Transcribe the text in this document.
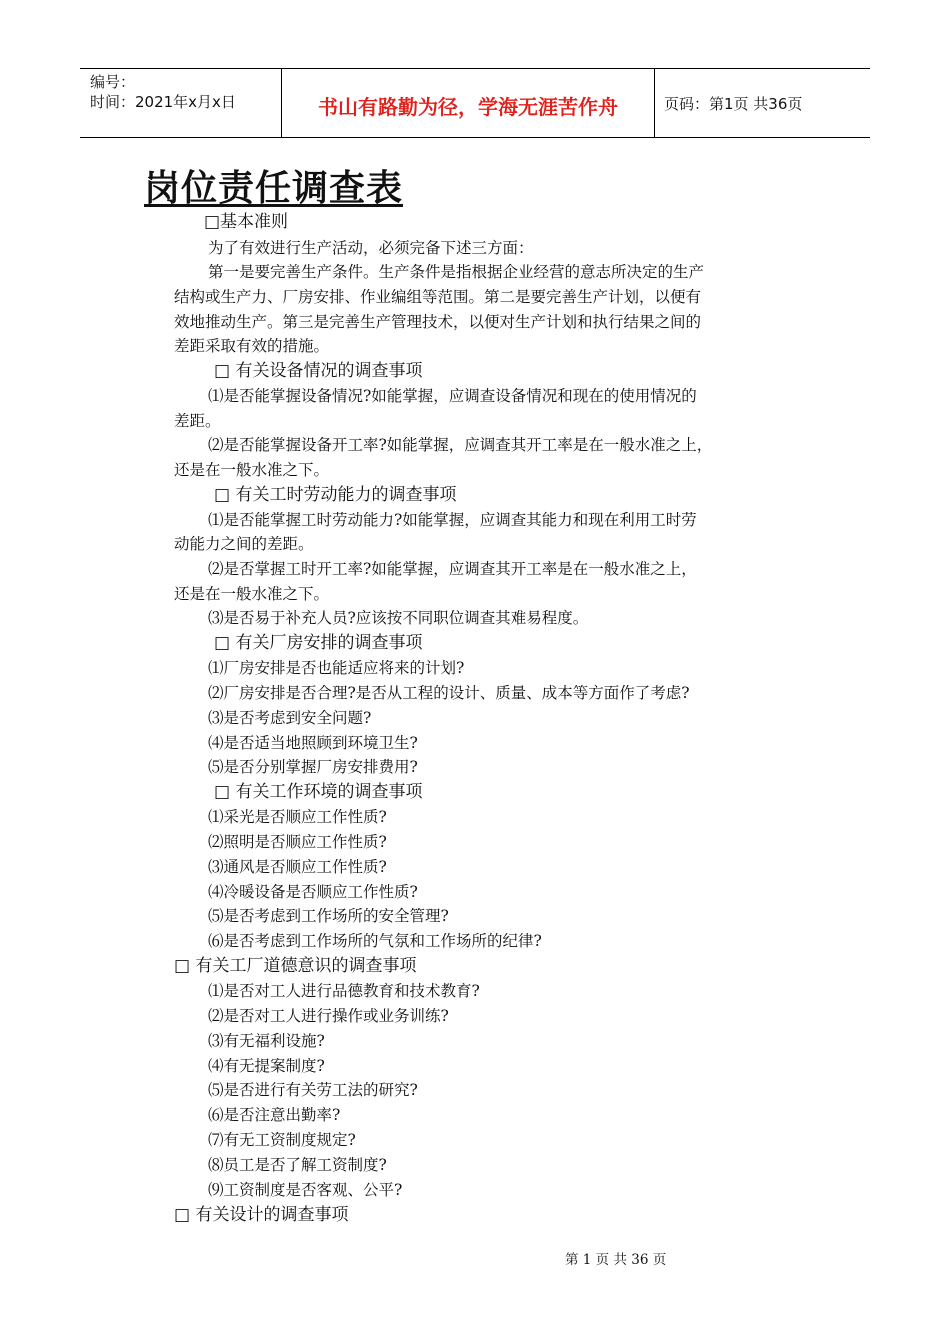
编号：
时间：2021年x月x日	书山有路勤为径，学海无涯苦作舟	页码：第1页 共36页
岗位责任调查表
□基本准则
为了有效进行生产活动，必须完备下述三方面：
第一是要完善生产条件。生产条件是指根据企业经营的意志所决定的生产
结构或生产力、厂房安排、作业编组等范围。第二是要完善生产计划，以便有
效地推动生产。第三是完善生产管理技术，以便对生产计划和执行结果之间的
差距采取有效的措施。
□ 有关设备情况的调查事项
⑴是否能掌握设备情况?如能掌握，应调查设备情况和现在的使用情况的
差距。
⑵是否能掌握设备开工率?如能掌握，应调查其开工率是在一般水准之上，
还是在一般水准之下。
□ 有关工时劳动能力的调查事项
⑴是否能掌握工时劳动能力?如能掌握，应调查其能力和现在利用工时劳
动能力之间的差距。
⑵是否掌握工时开工率?如能掌握，应调查其开工率是在一般水准之上，
还是在一般水准之下。
⑶是否易于补充人员?应该按不同职位调查其难易程度。
□ 有关厂房安排的调查事项
⑴厂房安排是否也能适应将来的计划?
⑵厂房安排是否合理?是否从工程的设计、质量、成本等方面作了考虑?
⑶是否考虑到安全问题?
⑷是否适当地照顾到环境卫生?
⑸是否分别掌握厂房安排费用?
□ 有关工作环境的调查事项
⑴采光是否顺应工作性质?
⑵照明是否顺应工作性质?
⑶通风是否顺应工作性质?
⑷冷暖设备是否顺应工作性质?
⑸是否考虑到工作场所的安全管理?
⑹是否考虑到工作场所的气氛和工作场所的纪律?
□ 有关工厂道德意识的调查事项
⑴是否对工人进行品德教育和技术教育?
⑵是否对工人进行操作或业务训练?
⑶有无福利设施?
⑷有无提案制度?
⑸是否进行有关劳工法的研究?
⑹是否注意出勤率?
⑺有无工资制度规定?
⑻员工是否了解工资制度?
⑼工资制度是否客观、公平?
□ 有关设计的调查事项
第 1 页 共 36 页
